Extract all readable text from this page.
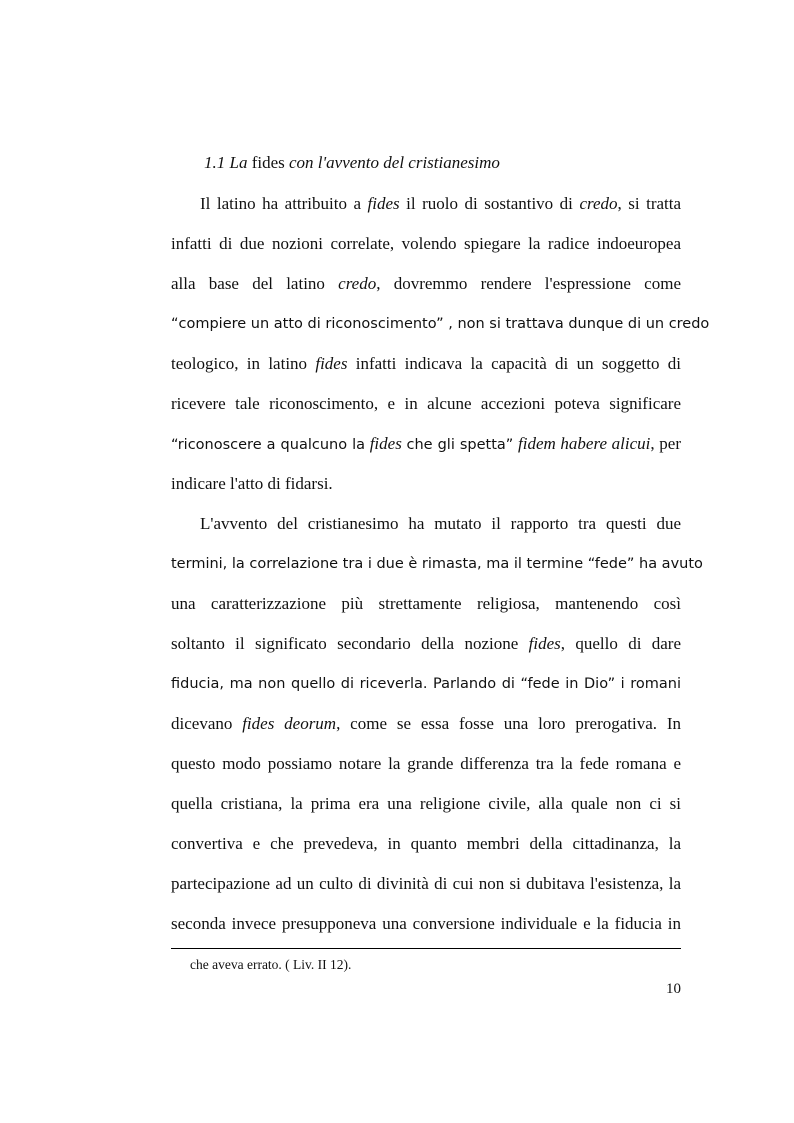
1.1 La fides con l'avvento del cristianesimo
Il latino ha attribuito a fides il ruolo di sostantivo di credo, si tratta
infatti di due nozioni correlate, volendo spiegare la radice indoeuropea
alla base del latino credo, dovremmo rendere l'espressione come
“compiere un atto di riconoscimento” , non si trattava dunque di un credo
teologico, in latino fides infatti indicava la capacità di un soggetto di
ricevere tale riconoscimento, e in alcune accezioni poteva significare
“riconoscere a qualcuno la fides che gli spetta” fidem habere alicui, per
indicare l'atto di fidarsi.
L'avvento del cristianesimo ha mutato il rapporto tra questi due
termini, la correlazione tra i due è rimasta, ma il termine “fede” ha avuto
una caratterizzazione più strettamente religiosa, mantenendo così
soltanto il significato secondario della nozione fides, quello di dare
fiducia, ma non quello di riceverla. Parlando di “fede in Dio” i romani
dicevano fides deorum, come se essa fosse una loro prerogativa. In
questo modo possiamo notare la grande differenza tra la fede romana e
quella cristiana, la prima era una religione civile, alla quale non ci si
convertiva e che prevedeva, in quanto membri della cittadinanza, la
partecipazione ad un culto di divinità di cui non si dubitava l'esistenza, la
seconda invece presupponeva una conversione individuale e la fiducia in
che aveva errato. ( Liv. II 12).
10
